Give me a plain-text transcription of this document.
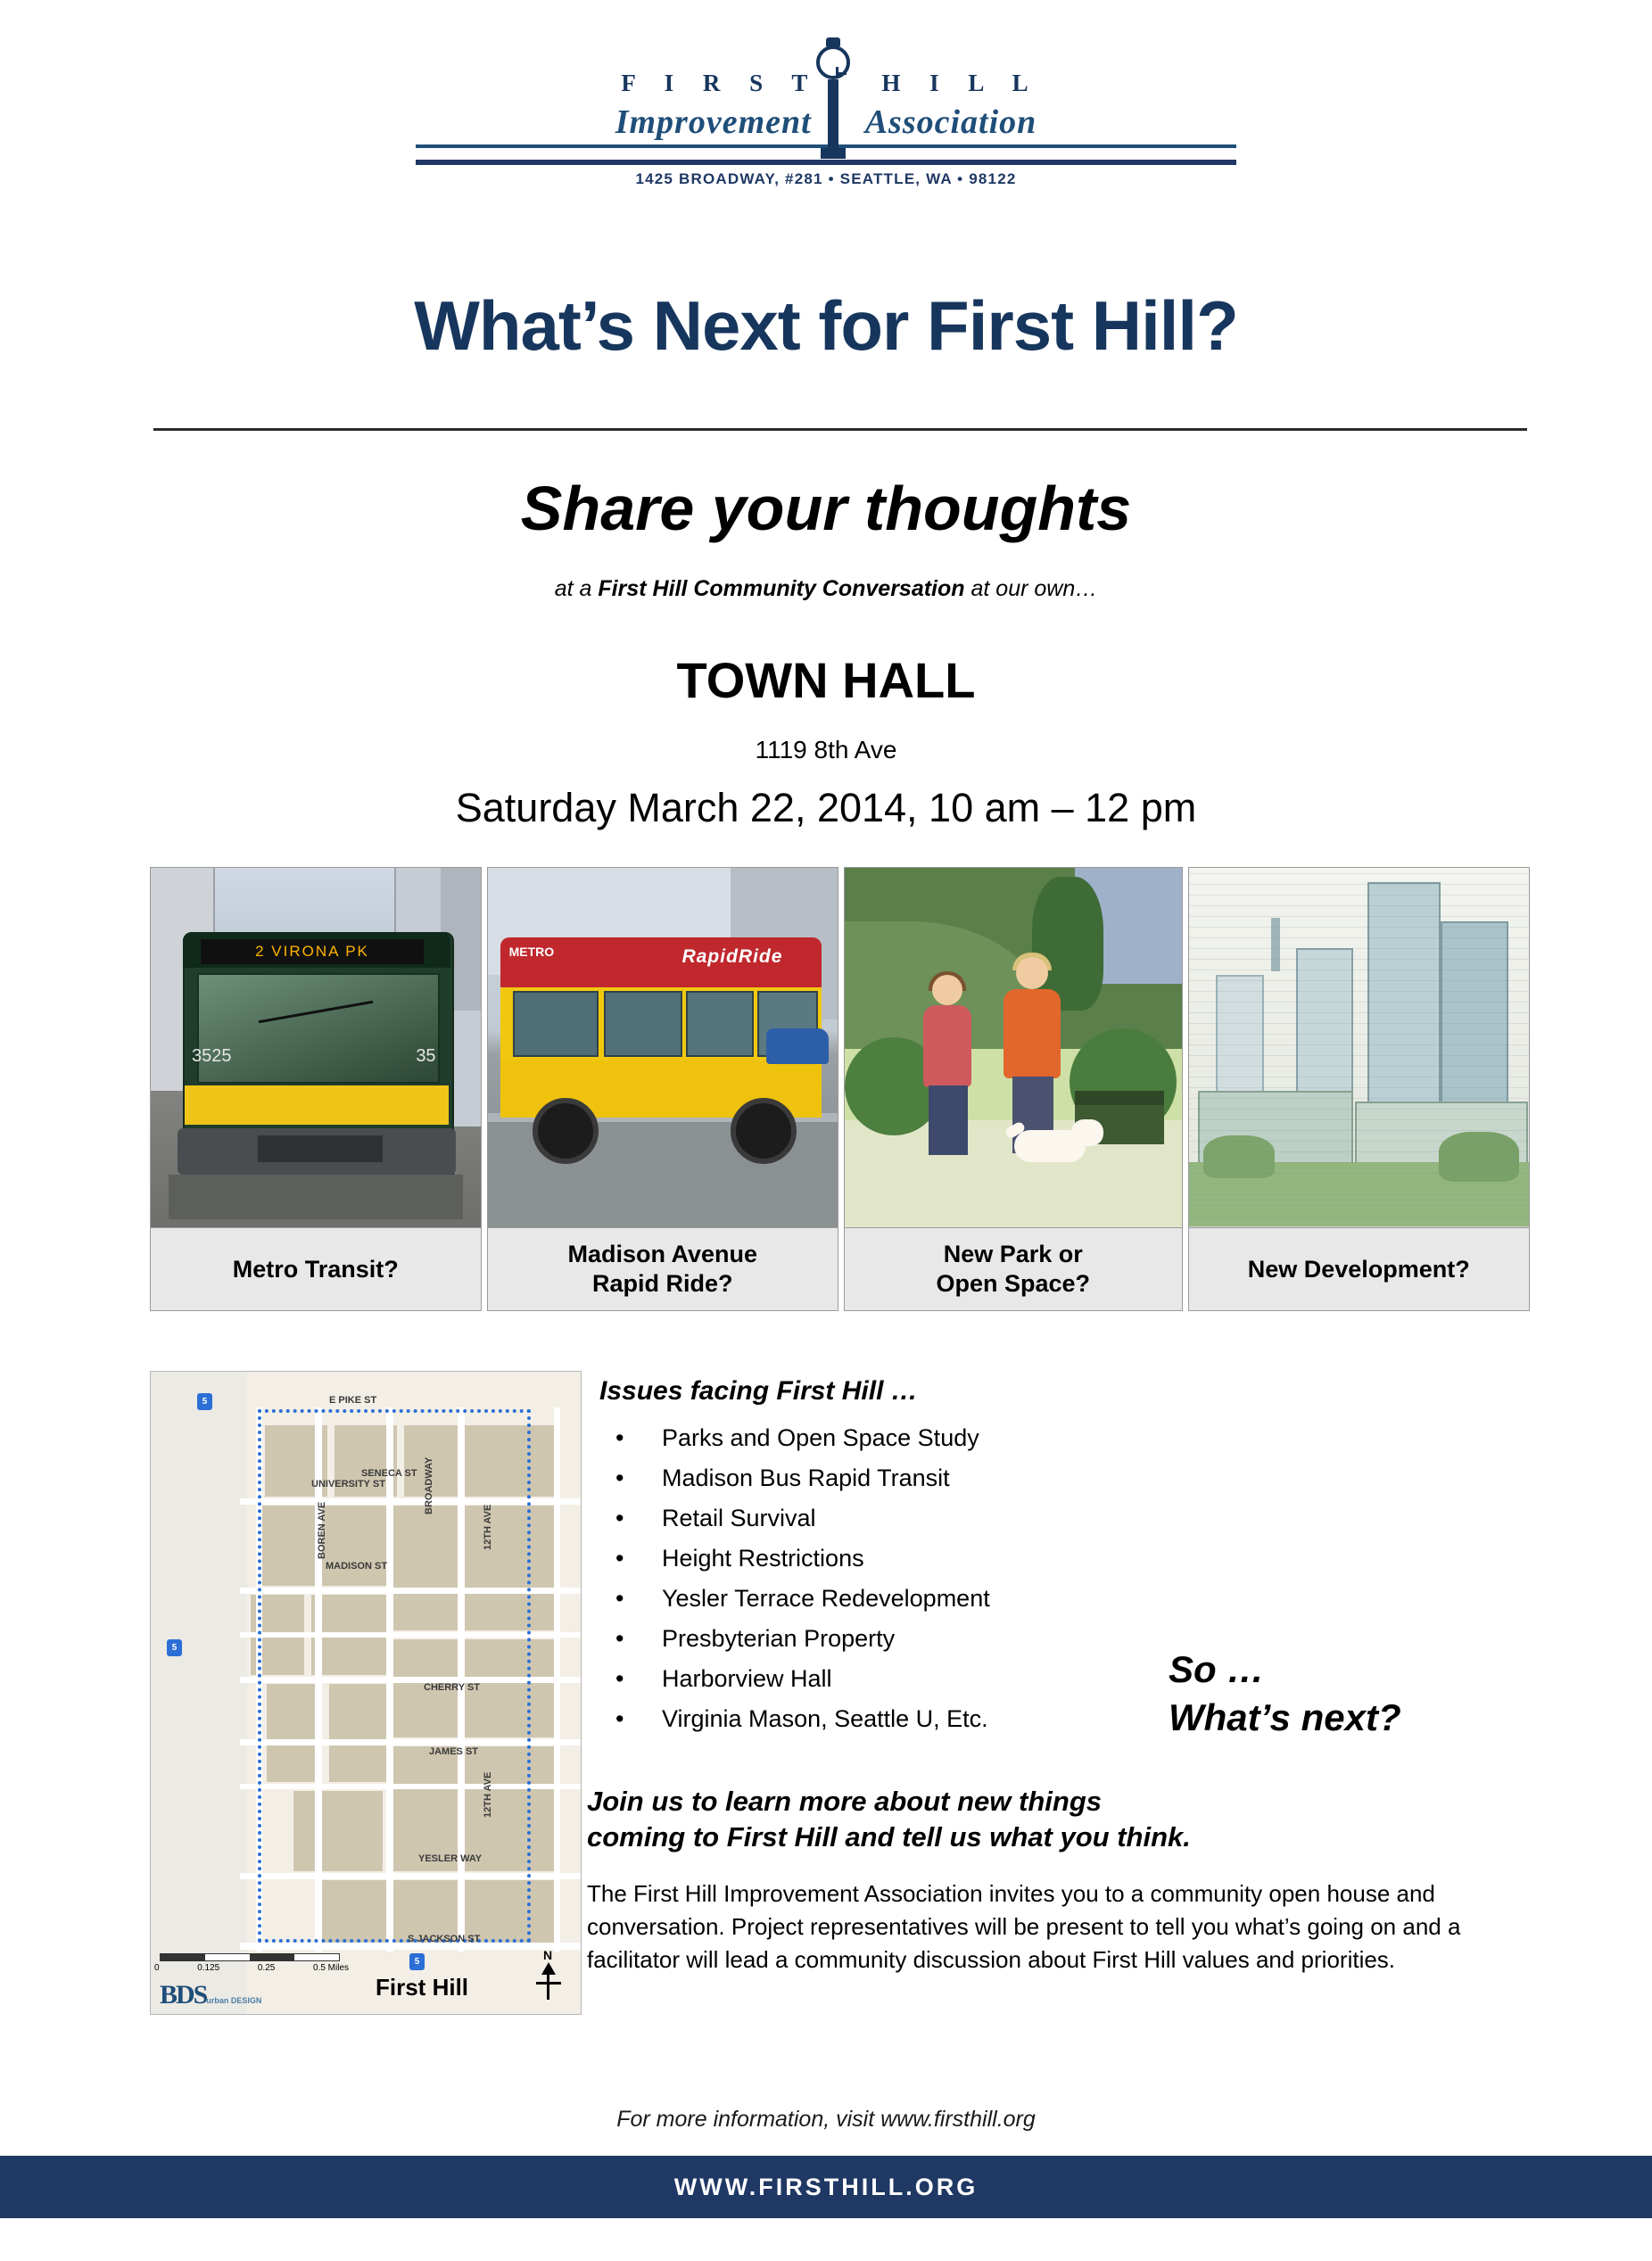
F I R S T	H I L L
Improvement Association
1425 BROADWAY, #281 • SEATTLE, WA • 98122
What’s Next for First Hill?
Share your thoughts
at a First Hill Community Conversation at our own…
TOWN HALL
1119 8th Ave
Saturday March 22, 2014, 10 am – 12 pm
2 VIRONA PK
3525	35
Metro Transit?
METRO	RapidRide
Madison Avenue
Rapid Ride?
New Park or
Open Space?
New Development?
5
5
5
E PIKE ST
S JACKSON ST
12TH AVE
12TH AVE
BOREN AVE
BROADWAY
MADISON ST
YESLER WAY
JAMES ST
CHERRY ST
UNIVERSITY ST
SENECA ST
0	0.125	0.25	0.5 Miles
BDSurban DESIGN	First Hill
N
Issues facing First Hill …
• Parks and Open Space Study
• Madison Bus Rapid Transit
• Retail Survival
• Height Restrictions
• Yesler Terrace Redevelopment
• Presbyterian Property
• Harborview Hall
• Virginia Mason, Seattle U, Etc.
So …
What’s next?
Join us to learn more about new things
coming to First Hill and tell us what you think.
The First Hill Improvement Association invites you to a community open house and conversation. Project representatives will be present to tell you what’s going on and a facilitator will lead a community discussion about First Hill values and priorities.
For more information, visit www.firsthill.org
WWW.FIRSTHILL.ORG
